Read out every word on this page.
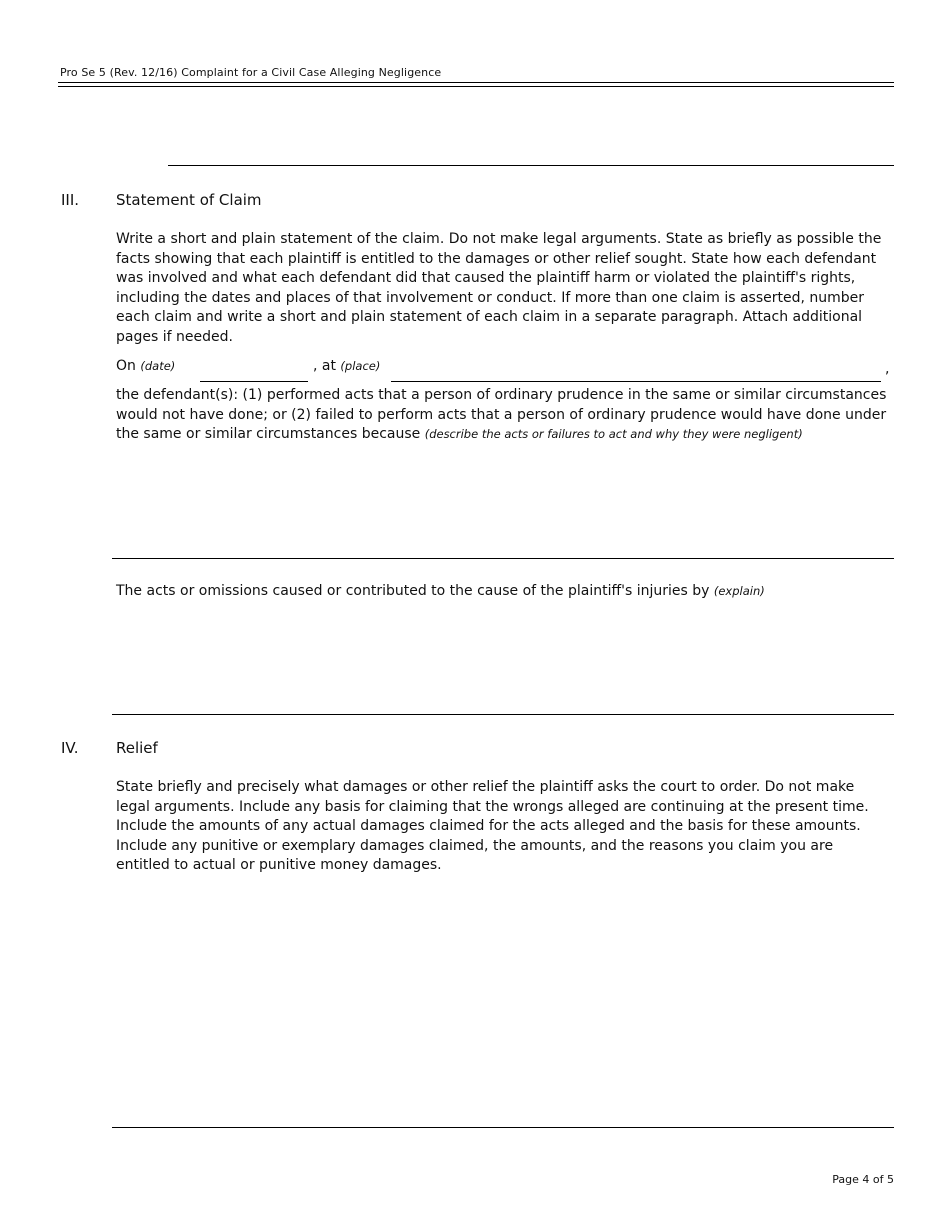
Pro Se 5 (Rev. 12/16) Complaint for a Civil Case Alleging Negligence
III. Statement of Claim
Write a short and plain statement of the claim. Do not make legal arguments. State as briefly as possible the facts showing that each plaintiff is entitled to the damages or other relief sought. State how each defendant was involved and what each defendant did that caused the plaintiff harm or violated the plaintiff's rights, including the dates and places of that involvement or conduct. If more than one claim is asserted, number each claim and write a short and plain statement of each claim in a separate paragraph. Attach additional pages if needed.
On (date)	, at (place)	,
the defendant(s): (1) performed acts that a person of ordinary prudence in the same or similar circumstances would not have done; or (2) failed to perform acts that a person of ordinary prudence would have done under the same or similar circumstances because (describe the acts or failures to act and why they were negligent)
The acts or omissions caused or contributed to the cause of the plaintiff's injuries by (explain)
IV. Relief
State briefly and precisely what damages or other relief the plaintiff asks the court to order. Do not make legal arguments. Include any basis for claiming that the wrongs alleged are continuing at the present time. Include the amounts of any actual damages claimed for the acts alleged and the basis for these amounts. Include any punitive or exemplary damages claimed, the amounts, and the reasons you claim you are entitled to actual or punitive money damages.
Page 4 of 5
